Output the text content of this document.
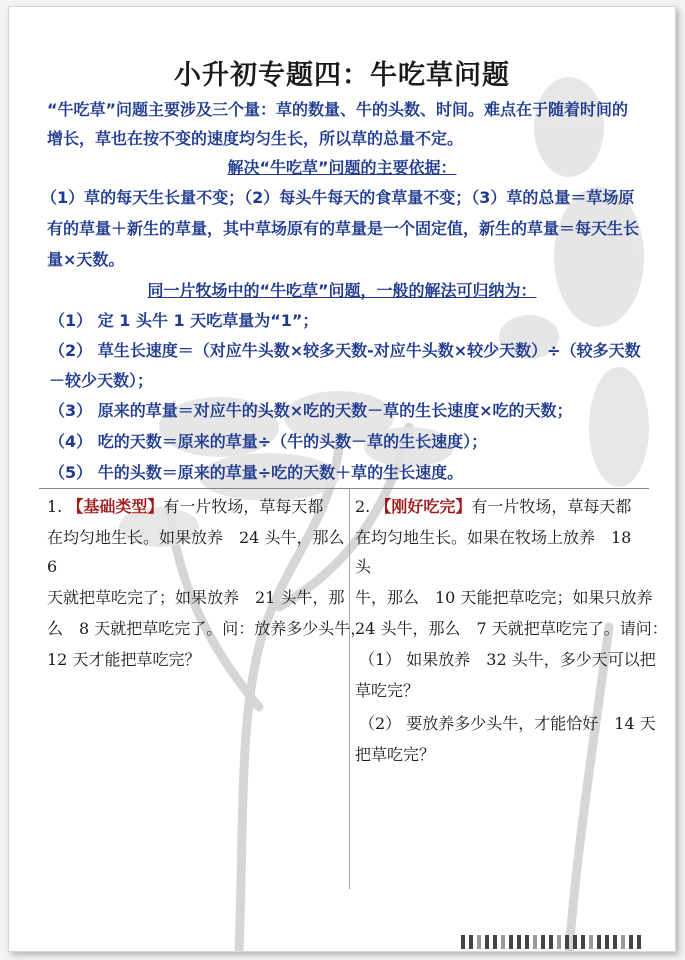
小升初专题四：牛吃草问题
“牛吃草”问题主要涉及三个量：草的数量、牛的头数、时间。难点在于随着时间的
增长，草也在按不变的速度均匀生长，所以草的总量不定。
解决“牛吃草”问题的主要依据：
（1）草的每天生长量不变；（2）每头牛每天的食草量不变；（3）草的总量＝草场原
有的草量＋新生的草量，其中草场原有的草量是一个固定值，新生的草量＝每天生长
量×天数。
同一片牧场中的“牛吃草”问题，一般的解法可归纳为：
（1） 定 1 头牛 1 天吃草量为“1”；
（2） 草生长速度＝（对应牛头数×较多天数-对应牛头数×较少天数）÷（较多天数
－较少天数）；
（3） 原来的草量＝对应牛的头数×吃的天数－草的生长速度×吃的天数；
（4） 吃的天数＝原来的草量÷（牛的头数－草的生长速度）；
（5） 牛的头数＝原来的草量÷吃的天数＋草的生长速度。
1. 【基础类型】有一片牧场，草每天都
在均匀地生长。如果放养　24 头牛，那么
6
天就把草吃完了；如果放养　21 头牛，那
么　8 天就把草吃完了。问：放养多少头牛，
12 天才能把草吃完？
2. 【刚好吃完】有一片牧场，草每天都
在均匀地生长。如果在牧场上放养　18
头
牛，那么　10 天能把草吃完；如果只放养
24 头牛，那么　7 天就把草吃完了。请问：
（1） 如果放养　32 头牛，多少天可以把
草吃完？
（2） 要放养多少头牛，才能恰好　14 天
把草吃完？
